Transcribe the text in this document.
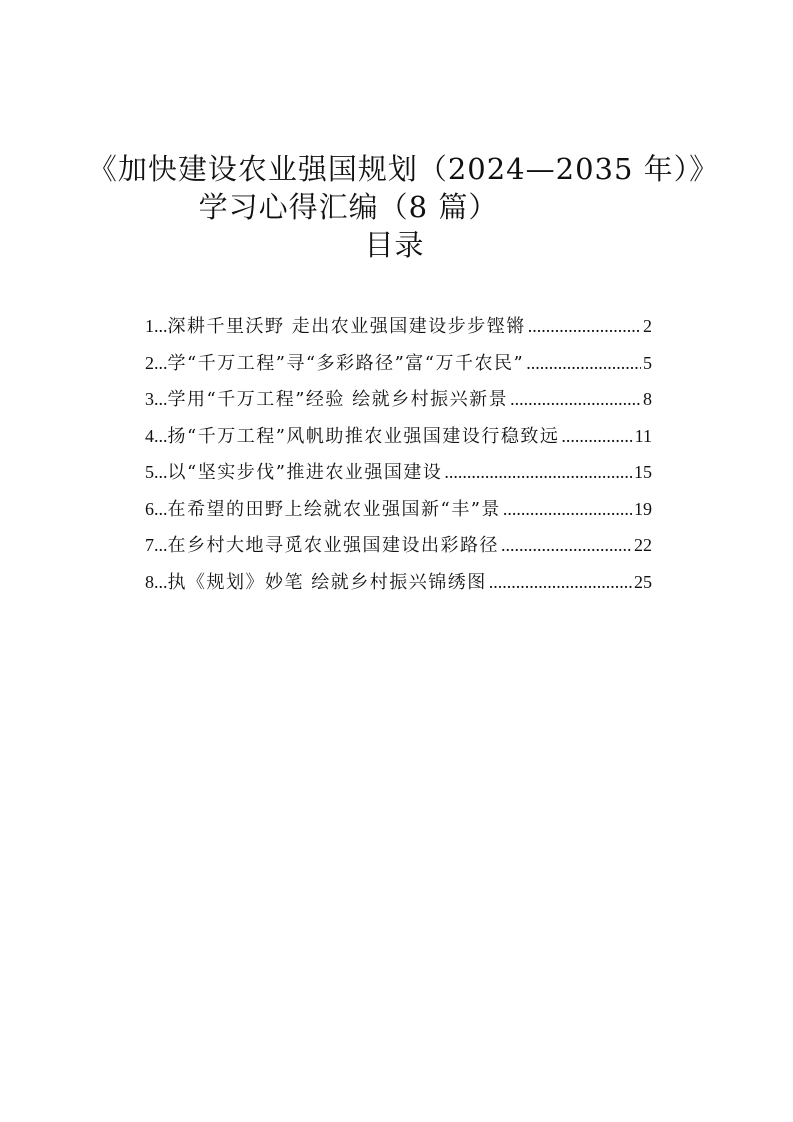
《加快建设农业强国规划（2024—2035 年）》
学习心得汇编（8 篇）
目录
1... 深耕千里沃野 走出农业强国建设步步铿锵 .....	2
2... 学“千万工程”寻“多彩路径”富“万千农民” .....	5
3... 学用“千万工程”经验 绘就乡村振兴新景 .....	8
4... 扬“千万工程”风帆助推农业强国建设行稳致远 .....	11
5... 以“坚实步伐”推进农业强国建设 .....	15
6... 在希望的田野上绘就农业强国新“丰”景 .....	19
7... 在乡村大地寻觅农业强国建设出彩路径 .....	22
8... 执《规划》妙笔 绘就乡村振兴锦绣图 .....	25
